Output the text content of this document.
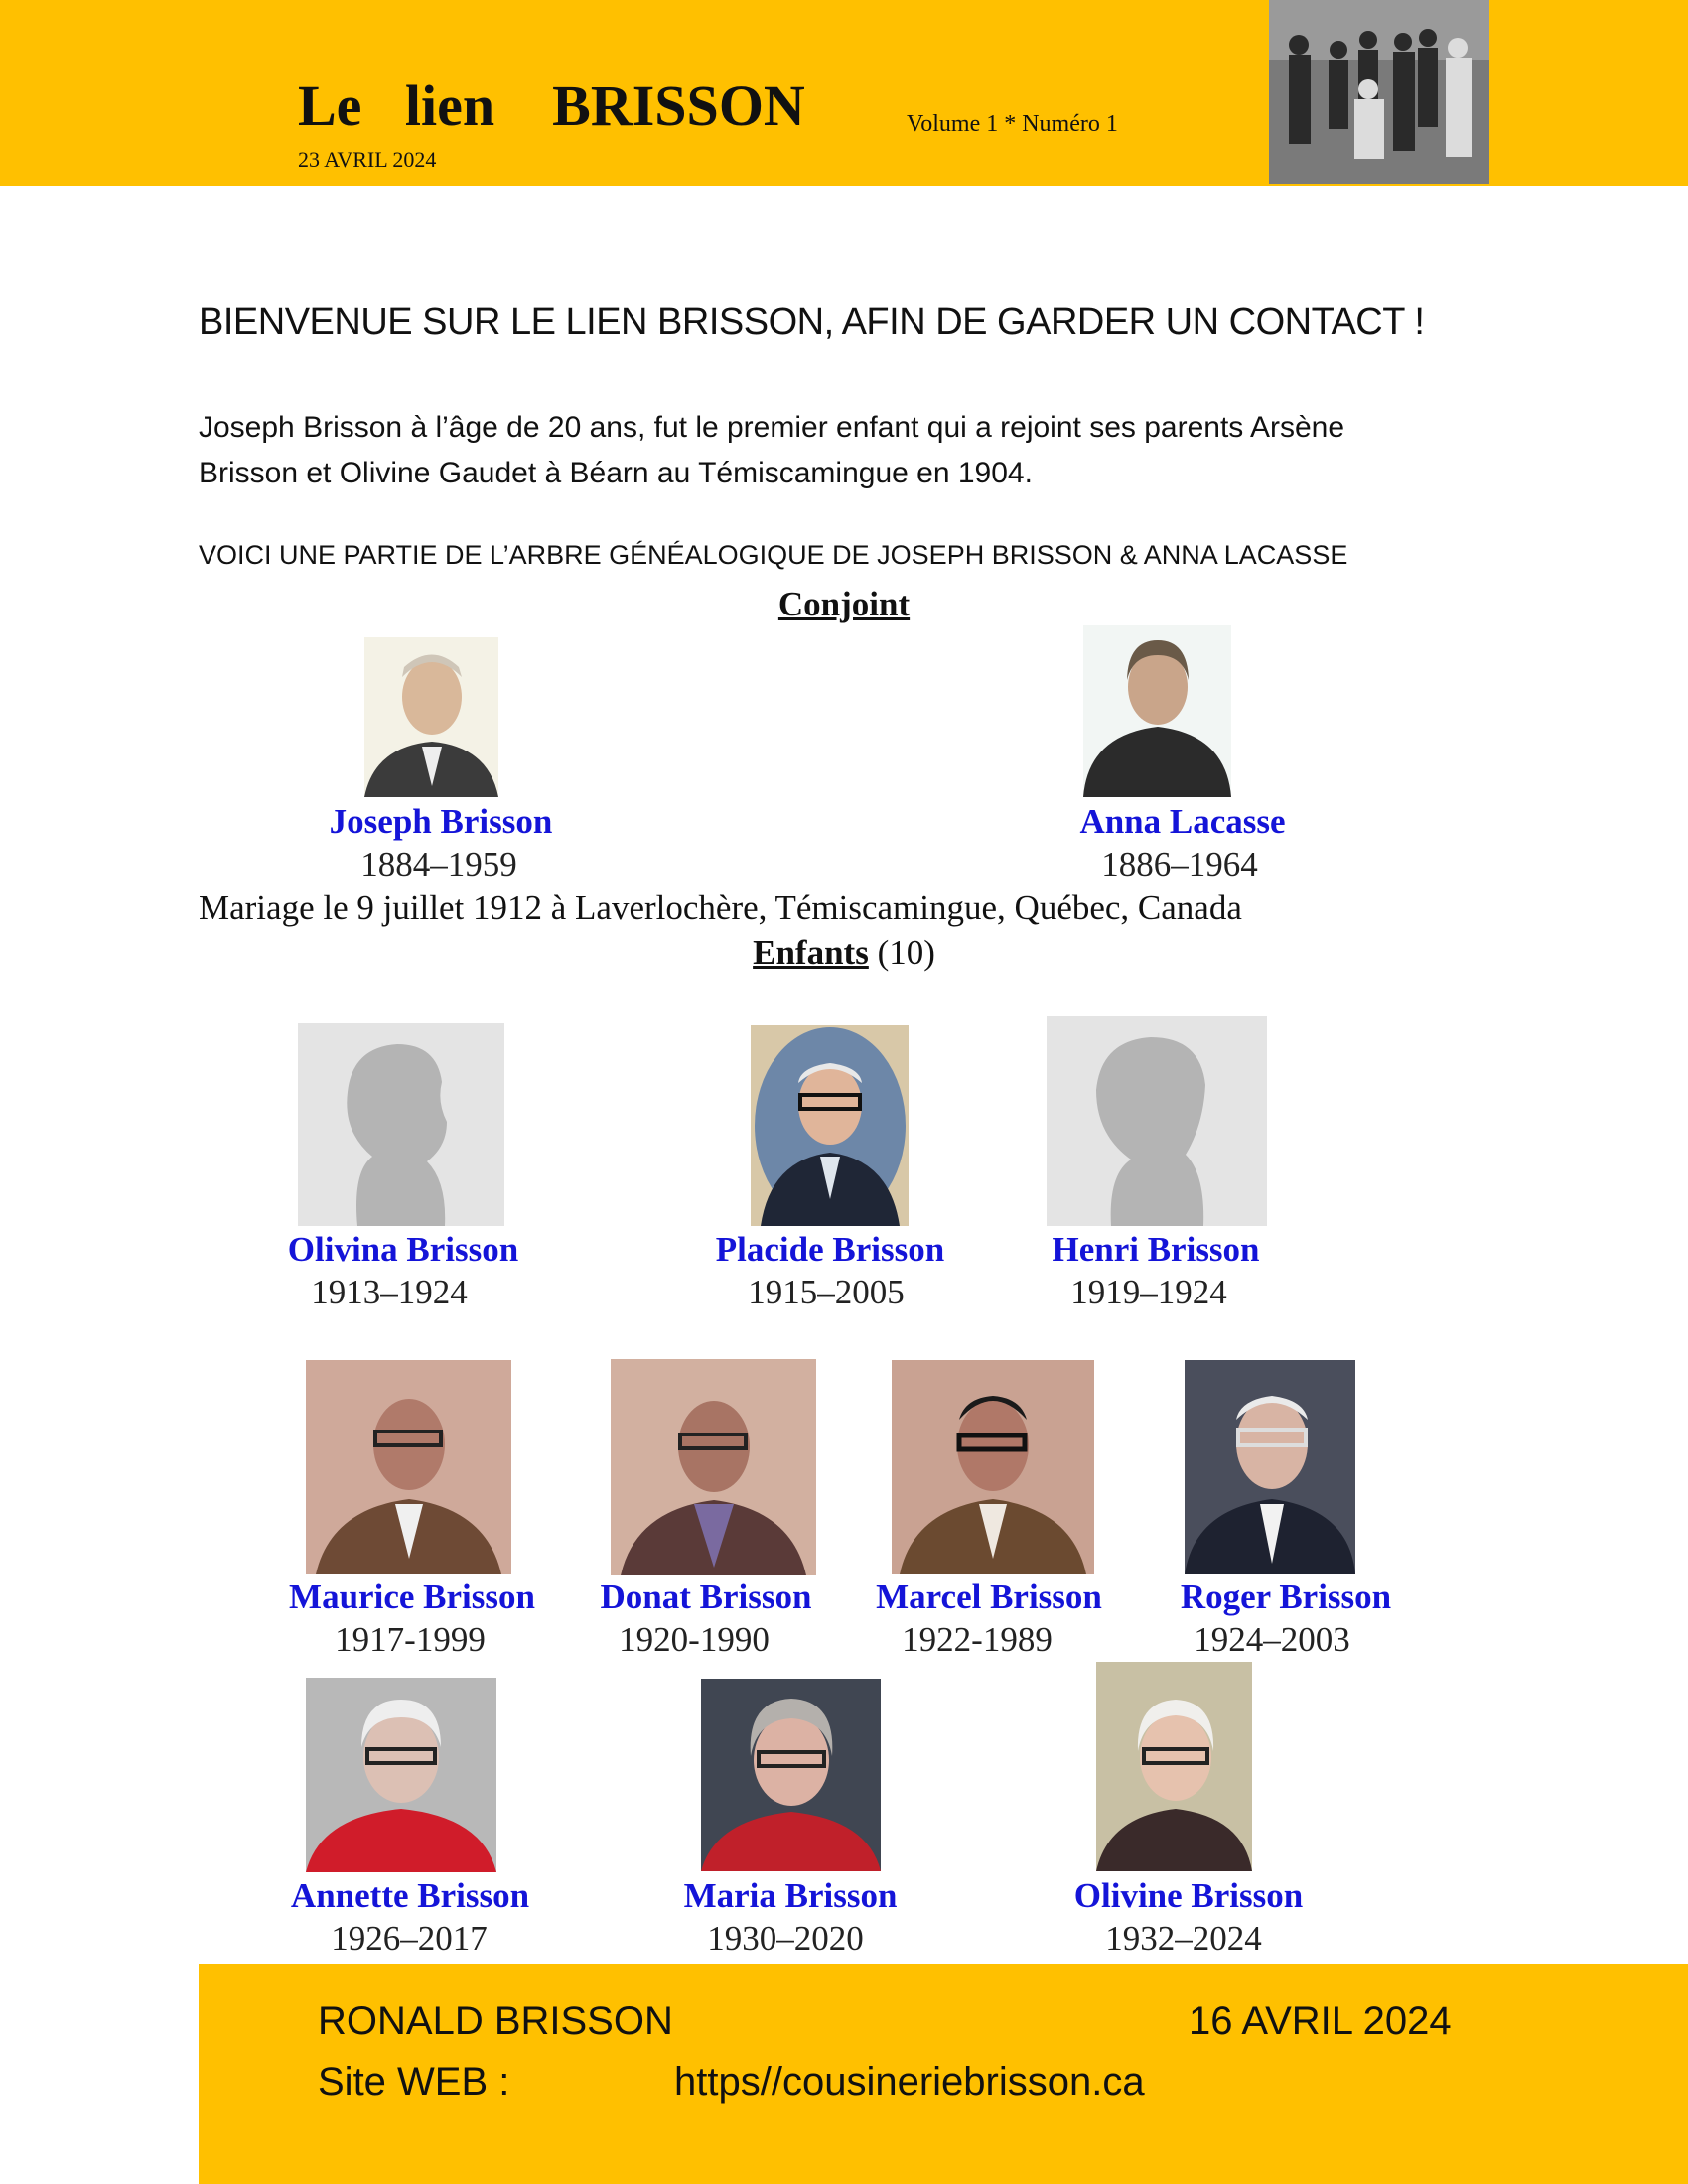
Le   lien    BRISSON
23 AVRIL 2024
Volume 1 * Numéro 1
BIENVENUE SUR LE LIEN BRISSON, AFIN DE GARDER UN CONTACT !
Joseph Brisson à l’âge de 20 ans, fut le premier enfant qui a rejoint ses parents Arsène Brisson et Olivine Gaudet à Béarn au Témiscamingue en 1904.
VOICI UNE PARTIE DE L’ARBRE GÉNÉALOGIQUE DE JOSEPH BRISSON & ANNA LACASSE
Conjoint
Joseph Brisson
1884–1959
Anna Lacasse
1886–1964
Mariage le 9 juillet 1912 à Laverlochère, Témiscamingue, Québec, Canada
Enfants (10)
Olivina Brisson
1913–1924
Placide Brisson
1915–2005
Henri Brisson
1919–1924
Maurice Brisson
1917-1999
Donat Brisson
1920-1990
Marcel Brisson
1922-1989
Roger Brisson
1924–2003
Annette Brisson
1926–2017
Maria Brisson
1930–2020
Olivine Brisson
1932–2024
RONALD BRISSON	16 AVRIL 2024
Site WEB :	https//cousineriebrisson.ca
